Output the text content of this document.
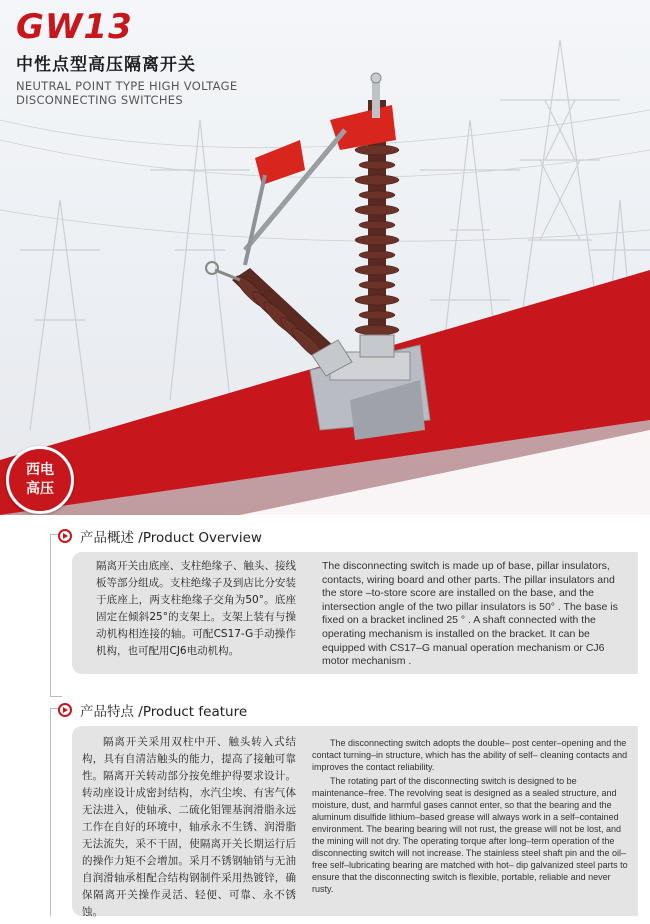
GW13
中性点型高压隔离开关
NEUTRAL POINT TYPE HIGH VOLTAGE
DISCONNECTING SWITCHES
西电
高压
产品概述 /Product Overview
隔离开关由底座、支柱绝缘子、触头、接线板等部分组成。支柱绝缘子及到店比分安装于底座上，两支柱绝缘子交角为50°。底座固定在倾斜25°的支架上。支架上装有与操动机构相连接的轴。可配CS17-G手动操作机构，也可配用CJ6电动机构。
The disconnecting switch is made up of base, pillar insulators, contacts, wiring board and other parts. The pillar insulators and the store –to-store score are installed on the base, and the intersection angle of the two pillar insulators is 50° . The base is fixed on a bracket inclined 25 ° . A shaft connected with the operating mechanism is installed on the bracket. It can be equipped with CS17–G manual operation mechanism or CJ6 motor mechanism .
产品特点 /Product feature
隔离开关采用双柱中开、触头转入式结构，具有自清洁触头的能力，提高了接触可靠性。 隔离开关转动部分按免维护得要求设计。转动座设计成密封结构，水汽尘埃、有害气体无法进入，使轴承、二硫化钼锂基润滑脂永远工作在自好的环境中，轴承永不生锈、润滑脂无法流失，采不干固，使隔离开关长期运行后的操作力矩不会增加。采月不锈钢轴销与无油自润滑轴承相配合结构钢制件采用热镀锌，确保隔离开关操作灵活、轻便、可靠、永不锈蚀。
The disconnecting switch adopts the double– post center–opening and the contact turning–in structure, which has the ability of self– cleaning contacts and improves the contact reliability.
The rotating part of the disconnecting switch is designed to be maintenance–free. The revolving seat is designed as a sealed structure, and moisture, dust, and harmful gases cannot enter, so that the bearing and the aluminum disulfide lithium–based grease will always work in a self–contained environment. The bearing bearing will not rust, the grease will not be lost, and the mining will not dry. The operating torque after long–term operation of the disconnecting switch will not increase. The stainless steel shaft pin and the oil– free self–lubricating bearing are matched with hot– dip galvanized steel parts to ensure that the disconnecting switch is flexible, portable, reliable and never rusty.
